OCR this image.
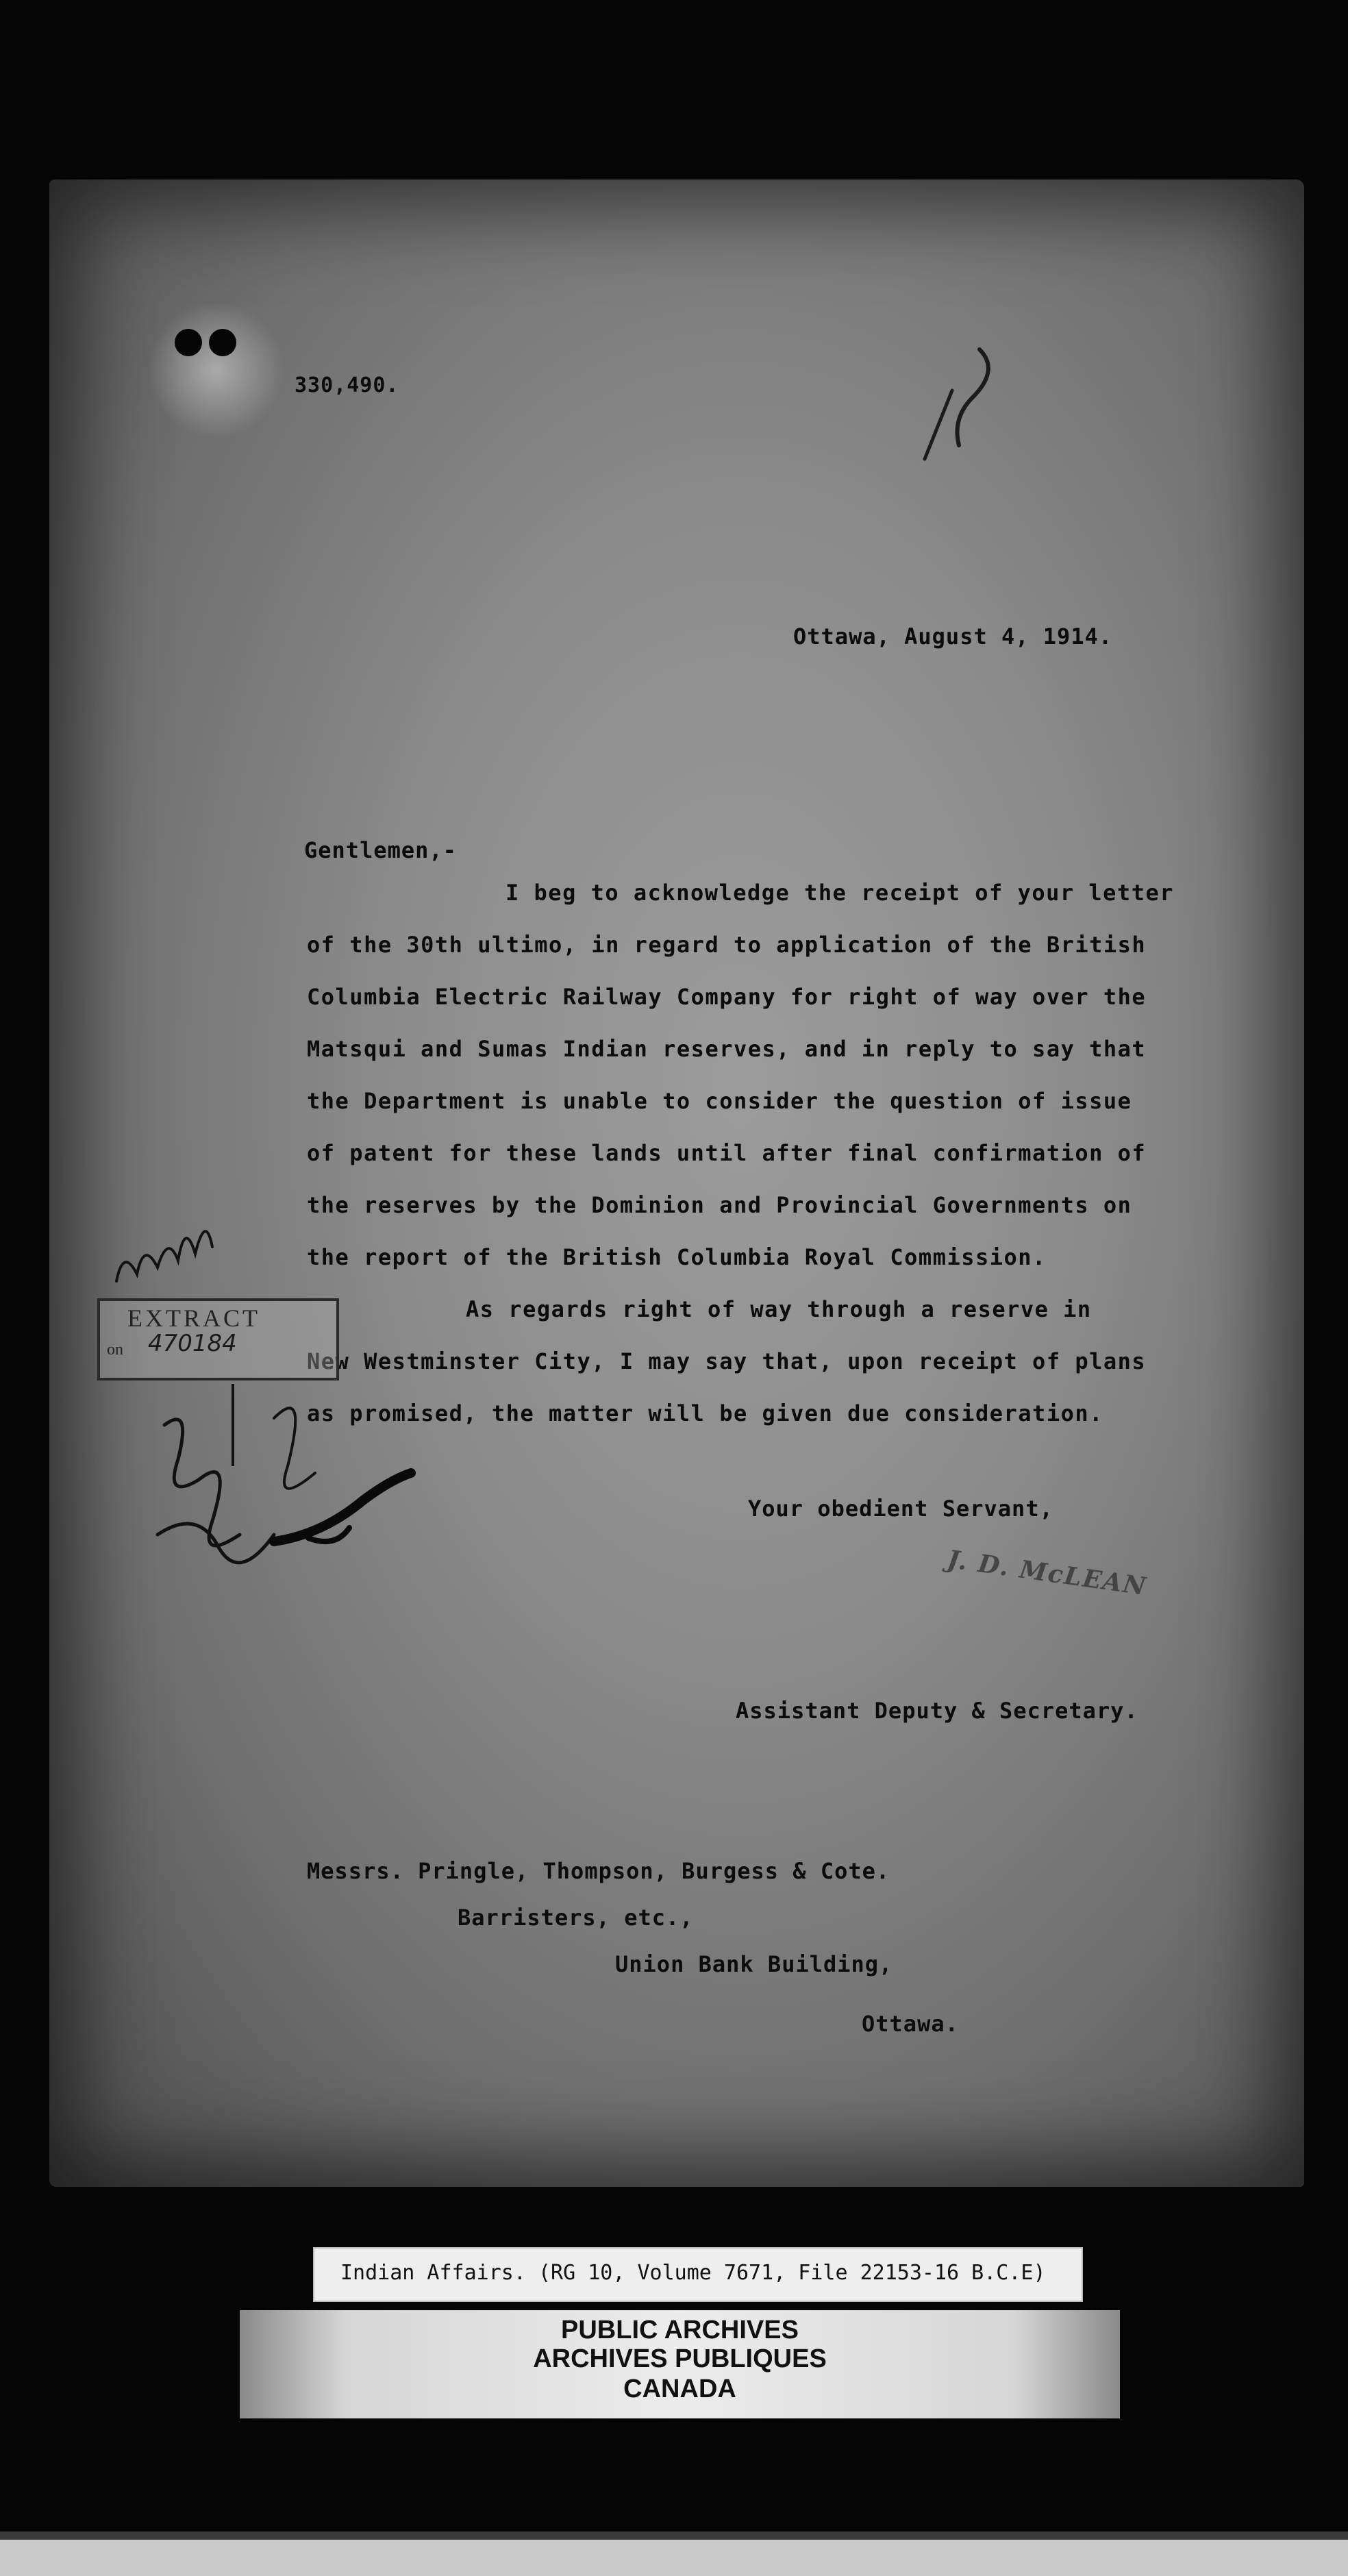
330,490.
Ottawa, August 4, 1914.
Gentlemen,-
I beg to acknowledge the receipt of your letter
of the 30th ultimo, in regard to application of the British
Columbia Electric Railway Company for right of way over the
Matsqui and Sumas Indian reserves, and in reply to say that
the Department is unable to consider the question of issue
of patent for these lands until after final confirmation of
the reserves by the Dominion and Provincial Governments on
the report of the British Columbia Royal Commission.
As regards right of way through a reserve in
New Westminster City, I may say that, upon receipt of plans
as promised, the matter will be given due consideration.
EXTRACT
on 470184
Your obedient Servant,
J. D. McLEAN
Assistant Deputy & Secretary.
Messrs. Pringle, Thompson, Burgess & Cote.
Barristers, etc.,
Union Bank Building,
Ottawa.
Indian Affairs. (RG 10, Volume 7671, File 22153-16 B.C.E)
PUBLIC ARCHIVES
ARCHIVES PUBLIQUES
CANADA
